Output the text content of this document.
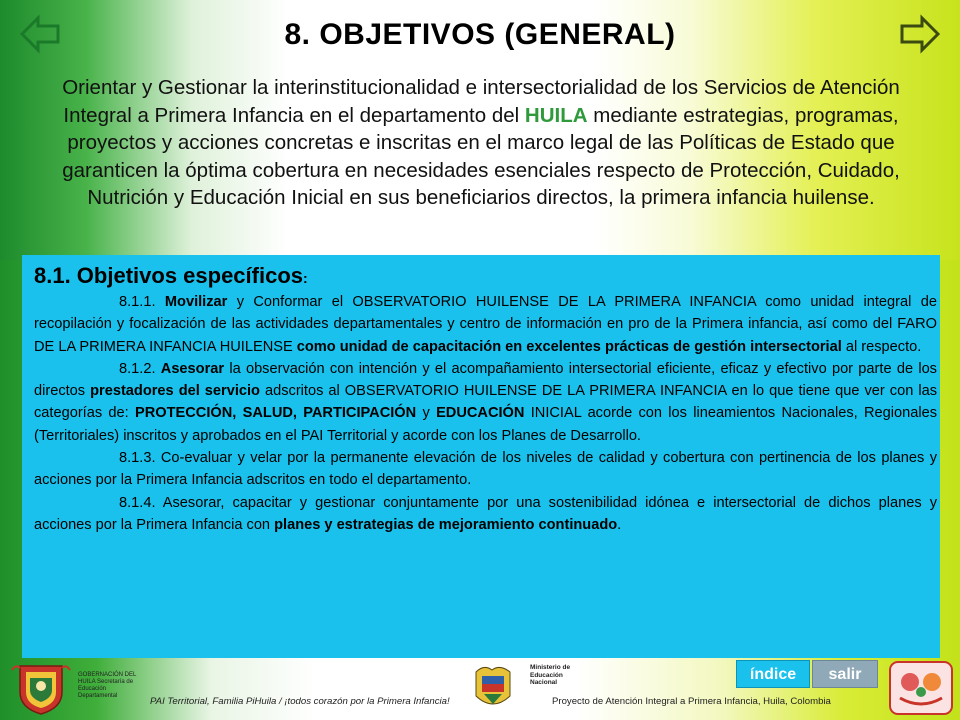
8. OBJETIVOS (GENERAL)
Orientar y Gestionar la interinstitucionalidad e intersectorialidad de los Servicios de Atención Integral a Primera Infancia en el departamento del HUILA mediante estrategias, programas, proyectos y acciones concretas e inscritas en el marco legal de las Políticas de Estado que garanticen la óptima cobertura en necesidades esenciales respecto de Protección, Cuidado, Nutrición y Educación Inicial en sus beneficiarios directos, la primera infancia huilense.
8.1. Objetivos específicos:

8.1.1. Movilizar y Conformar el OBSERVATORIO HUILENSE DE LA PRIMERA INFANCIA como unidad integral de recopilación y focalización de las actividades departamentales y centro de información en pro de la Primera infancia, así como del FARO DE LA PRIMERA INFANCIA HUILENSE como unidad de capacitación en excelentes prácticas de gestión intersectorial al respecto.

8.1.2. Asesorar la observación con intención y el acompañamiento intersectorial eficiente, eficaz y efectivo por parte de los directos prestadores del servicio adscritos al OBSERVATORIO HUILENSE DE LA PRIMERA INFANCIA en lo que tiene que ver con las categorías de: PROTECCIÓN, SALUD, PARTICIPACIÓN y EDUCACIÓN INICIAL acorde con los lineamientos Nacionales, Regionales (Territoriales) inscritos y aprobados en el PAI Territorial y acorde con los Planes de Desarrollo.

8.1.3. Co-evaluar y velar por la permanente elevación de los niveles de calidad y cobertura con pertinencia de los planes y acciones por la Primera Infancia adscritos en todo el departamento.

8.1.4. Asesorar, capacitar y gestionar conjuntamente por una sostenibilidad idónea e intersectorial de dichos planes y acciones por la Primera Infancia con planes y estrategias de mejoramiento continuado.

GOBERNACIÓN DEL HUILA Secretaría de Educación Departamental	PAI Territorial, Familia PiHuila / ¡todos corazón por la Primera Infancia!
Ministerio de Educación Nacional
Proyecto de Atención Integral a Primera Infancia, Huila, Colombia
índice	salir
